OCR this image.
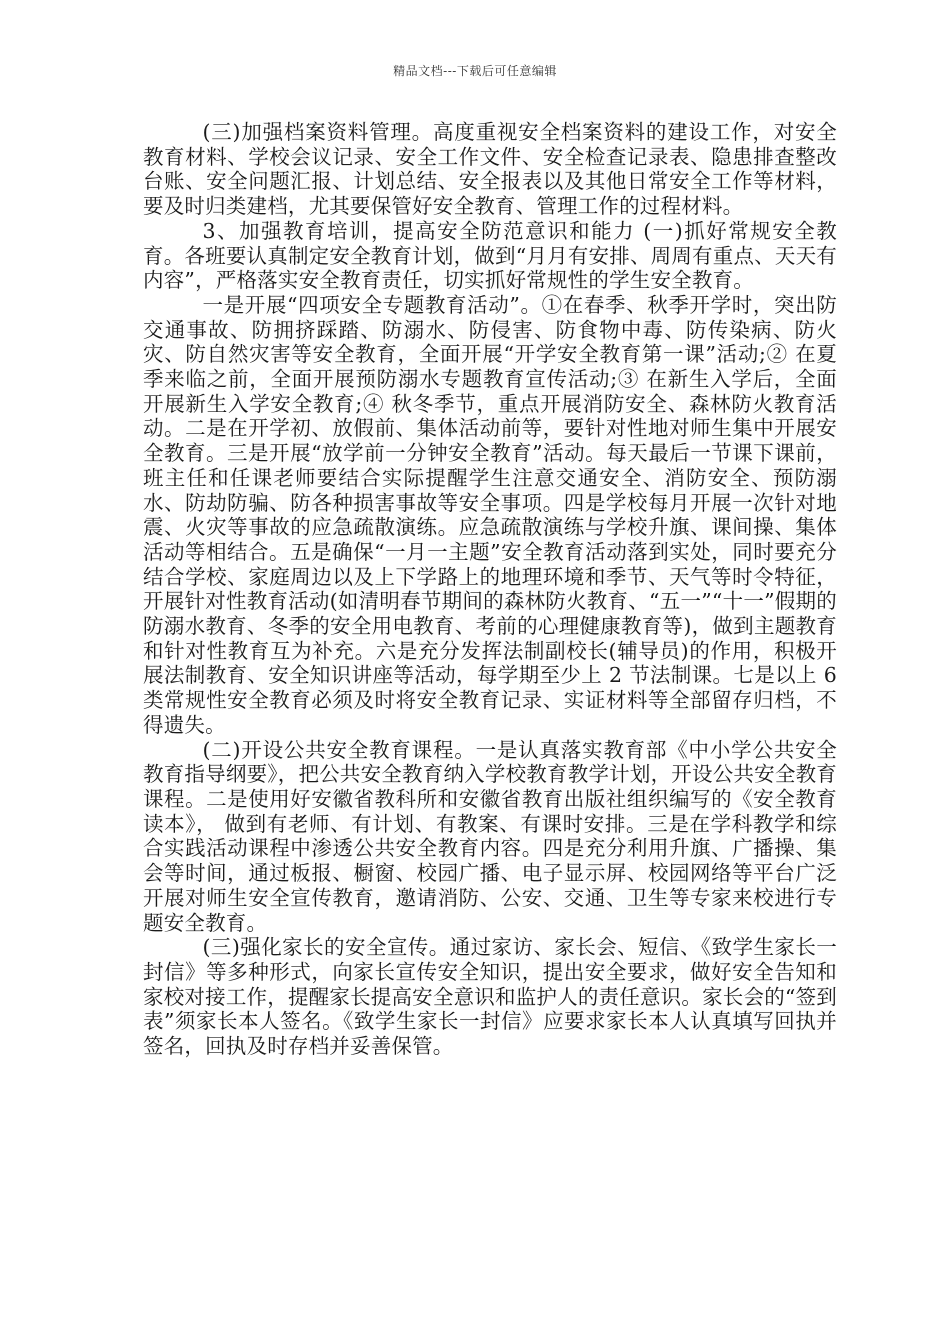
精品文档---下载后可任意编辑

(三)加强档案资料管理。高度重视安全档案资料的建设工作，对安全教育材料、学校会议记录、安全工作文件、安全检查记录表、隐患排查整改台账、安全问题汇报、计划总结、安全报表以及其他日常安全工作等材料，要及时归类建档，尤其要保管好安全教育、管理工作的过程材料。

3、加强教育培训，提高安全防范意识和能力 (一)抓好常规安全教育。各班要认真制定安全教育计划，做到“月月有安排、周周有重点、天天有内容”，严格落实安全教育责任，切实抓好常规性的学生安全教育。

一是开展“四项安全专题教育活动”。①在春季、秋季开学时，突出防交通事故、防拥挤踩踏、防溺水、防侵害、防食物中毒、防传染病、防火灾、防自然灾害等安全教育，全面开展“开学安全教育第一课”活动;② 在夏季来临之前，全面开展预防溺水专题教育宣传活动;③ 在新生入学后，全面开展新生入学安全教育;④ 秋冬季节，重点开展消防安全、森林防火教育活动。二是在开学初、放假前、集体活动前等，要针对性地对师生集中开展安全教育。三是开展“放学前一分钟安全教育”活动。每天最后一节课下课前，班主任和任课老师要结合实际提醒学生注意交通安全、消防安全、预防溺水、防劫防骗、防各种损害事故等安全事项。四是学校每月开展一次针对地震、火灾等事故的应急疏散演练。应急疏散演练与学校升旗、课间操、集体活动等相结合。五是确保“一月一主题”安全教育活动落到实处，同时要充分结合学校、家庭周边以及上下学路上的地理环境和季节、天气等时令特征，开展针对性教育活动(如清明春节期间的森林防火教育、“五一”“十一”假期的防溺水教育、冬季的安全用电教育、考前的心理健康教育等)，做到主题教育和针对性教育互为补充。六是充分发挥法制副校长(辅导员)的作用，积极开展法制教育、安全知识讲座等活动，每学期至少上 2 节法制课。七是以上 6 类常规性安全教育必须及时将安全教育记录、实证材料等全部留存归档，不得遗失。

(二)开设公共安全教育课程。一是认真落实教育部《中小学公共安全教育指导纲要》，把公共安全教育纳入学校教育教学计划，开设公共安全教育课程。二是使用好安徽省教科所和安徽省教育出版社组织编写的《安全教育读本》， 做到有老师、有计划、有教案、有课时安排。三是在学科教学和综合实践活动课程中渗透公共安全教育内容。四是充分利用升旗、广播操、集会等时间，通过板报、橱窗、校园广播、电子显示屏、校园网络等平台广泛开展对师生安全宣传教育，邀请消防、公安、交通、卫生等专家来校进行专题安全教育。

(三)强化家长的安全宣传。通过家访、家长会、短信、《致学生家长一封信》等多种形式，向家长宣传安全知识，提出安全要求，做好安全告知和家校对接工作，提醒家长提高安全意识和监护人的责任意识。家长会的“签到表”须家长本人签名。《致学生家长一封信》应要求家长本人认真填写回执并签名，回执及时存档并妥善保管。
